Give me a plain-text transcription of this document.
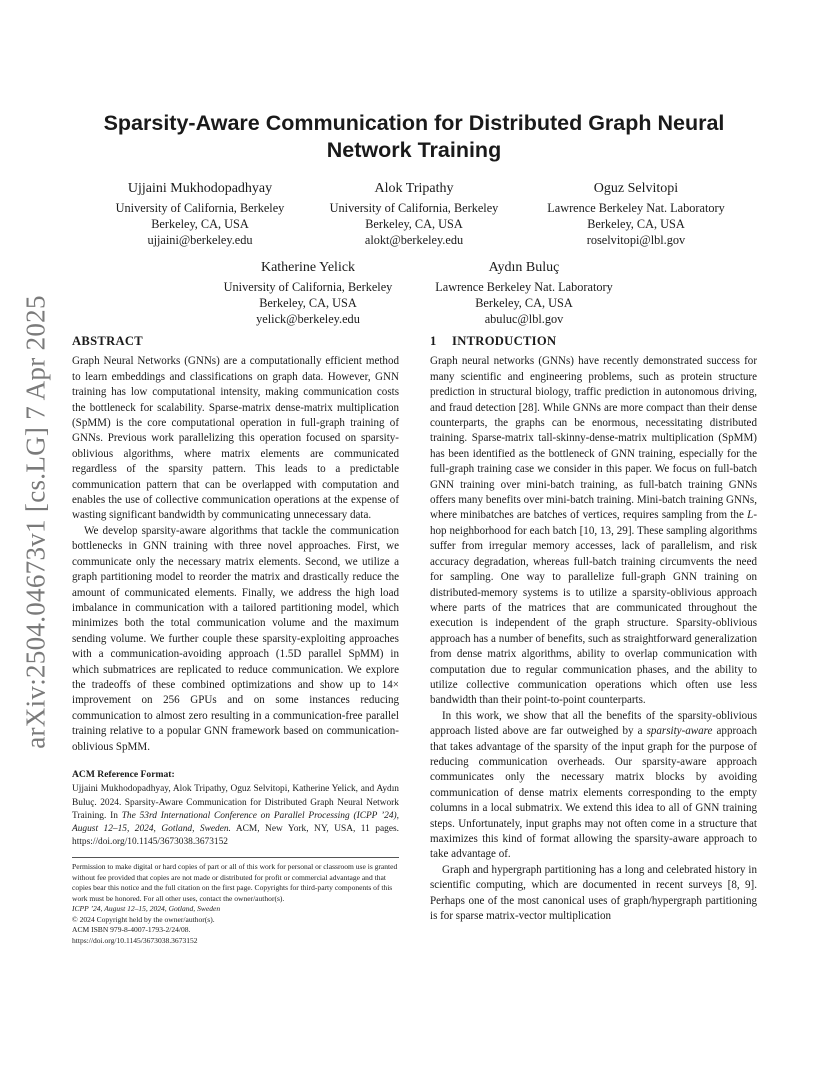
arXiv:2504.04673v1 [cs.LG] 7 Apr 2025
Sparsity-Aware Communication for Distributed Graph Neural Network Training
Ujjaini Mukhodopadhyay
University of California, Berkeley
Berkeley, CA, USA
ujjaini@berkeley.edu
Alok Tripathy
University of California, Berkeley
Berkeley, CA, USA
alokt@berkeley.edu
Oguz Selvitopi
Lawrence Berkeley Nat. Laboratory
Berkeley, CA, USA
roselvitopi@lbl.gov
Katherine Yelick
University of California, Berkeley
Berkeley, CA, USA
yelick@berkeley.edu
Aydın Buluç
Lawrence Berkeley Nat. Laboratory
Berkeley, CA, USA
abuluc@lbl.gov
ABSTRACT

Graph Neural Networks (GNNs) are a computationally efficient method to learn embeddings and classifications on graph data. However, GNN training has low computational intensity, making communication costs the bottleneck for scalability. Sparse-matrix dense-matrix multiplication (SpMM) is the core computational operation in full-graph training of GNNs. Previous work parallelizing this operation focused on sparsity-oblivious algorithms, where matrix elements are communicated regardless of the sparsity pattern. This leads to a predictable communication pattern that can be overlapped with computation and enables the use of collective communication operations at the expense of wasting significant bandwidth by communicating unnecessary data.

We develop sparsity-aware algorithms that tackle the communication bottlenecks in GNN training with three novel approaches. First, we communicate only the necessary matrix elements. Second, we utilize a graph partitioning model to reorder the matrix and drastically reduce the amount of communicated elements. Finally, we address the high load imbalance in communication with a tailored partitioning model, which minimizes both the total communication volume and the maximum sending volume. We further couple these sparsity-exploiting approaches with a communication-avoiding approach (1.5D parallel SpMM) in which submatrices are replicated to reduce communication. We explore the tradeoffs of these combined optimizations and show up to 14× improvement on 256 GPUs and on some instances reducing communication to almost zero resulting in a communication-free parallel training relative to a popular GNN framework based on communication-oblivious SpMM.

ACM Reference Format:
Ujjaini Mukhodopadhyay, Alok Tripathy, Oguz Selvitopi, Katherine Yelick, and Aydın Buluç. 2024. Sparsity-Aware Communication for Distributed Graph Neural Network Training. In The 53rd International Conference on Parallel Processing (ICPP ’24), August 12–15, 2024, Gotland, Sweden. ACM, New York, NY, USA, 11 pages. https://doi.org/10.1145/3673038.3673152

Permission to make digital or hard copies of part or all of this work for personal or classroom use is granted without fee provided that copies are not made or distributed for profit or commercial advantage and that copies bear this notice and the full citation on the first page. Copyrights for third-party components of this work must be honored. For all other uses, contact the owner/author(s).

ICPP ’24, August 12–15, 2024, Gotland, Sweden

© 2024 Copyright held by the owner/author(s).

ACM ISBN 979-8-4007-1793-2/24/08.

https://doi.org/10.1145/3673038.3673152

1 INTRODUCTION

Graph neural networks (GNNs) have recently demonstrated success for many scientific and engineering problems, such as protein structure prediction in structural biology, traffic prediction in autonomous driving, and fraud detection [28]. While GNNs are more compact than their dense counterparts, the graphs can be enormous, necessitating distributed training. Sparse-matrix tall-skinny-dense-matrix multiplication (SpMM) has been identified as the bottleneck of GNN training, especially for the full-graph training case we consider in this paper. We focus on full-batch GNN training over mini-batch training, as full-batch training GNNs offers many benefits over mini-batch training. Mini-batch training GNNs, where minibatches are batches of vertices, requires sampling from the L-hop neighborhood for each batch [10, 13, 29]. These sampling algorithms suffer from irregular memory accesses, lack of parallelism, and risk accuracy degradation, whereas full-batch training circumvents the need for sampling. One way to parallelize full-graph GNN training on distributed-memory systems is to utilize a sparsity-oblivious approach where parts of the matrices that are communicated throughout the execution is independent of the graph structure. Sparsity-oblivious approach has a number of benefits, such as straightforward generalization from dense matrix algorithms, ability to overlap communication with computation due to regular communication phases, and the ability to utilize collective communication operations which often use less bandwidth than their point-to-point counterparts.

In this work, we show that all the benefits of the sparsity-oblivious approach listed above are far outweighed by a sparsity-aware approach that takes advantage of the sparsity of the input graph for the purpose of reducing communication overheads. Our sparsity-aware approach communicates only the necessary matrix blocks by avoiding communication of dense matrix elements corresponding to the empty columns in a local submatrix. We extend this idea to all of GNN training steps. Unfortunately, input graphs may not often come in a structure that maximizes this kind of format allowing the sparsity-aware approach to take advantage of.

Graph and hypergraph partitioning has a long and celebrated history in scientific computing, which are documented in recent surveys [8, 9]. Perhaps one of the most canonical uses of graph/hypergraph partitioning is for sparse matrix-vector multiplication
